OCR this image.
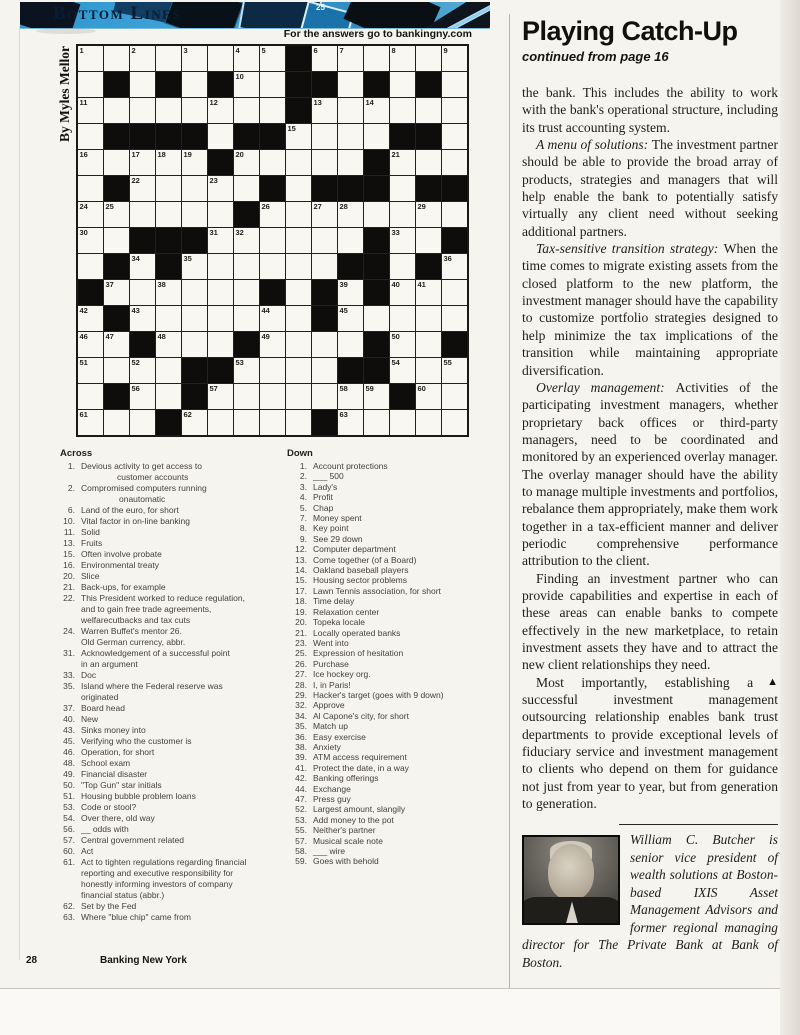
25
Bottom Lines
For the answers go to bankingny.com
By Myles Mellor 1	2	3	4	5	6	7	8	9
10
11	12	13	14
15
16	17 18 19	20	21
22	23
24 25	26	27 28	29
30	31 32	33
34	35	36
37	38	39	40 41
42	43	44	45
46 47	48	49	50
51	52	53	54	55
56	57	58 59	60
61	62	63
Across	Down
1. Devious activity to get access to
customer accounts
2. Compromised computers running
onautomatic
6. Land of the euro, for short
10. Vital factor in on-line banking
11. Solid
13. Fruits
15. Often involve probate
16. Environmental treaty
20. Slice
21. Back-ups, for example
22. This President worked to reduce regulation,
and to gain free trade agreements,
welfarecutbacks and tax cuts
24. Warren Buffet's mentor 26.
Old German currency, abbr.
31. Acknowledgement of a successful point
in an argument
33. Doc
35. Island where the Federal reserve was
originated
37. Board head
40. New
43. Sinks money into
45. Verifying who the customer is
46. Operation, for short
48. School exam
49. Financial disaster
50. "Top Gun" star initials
51. Housing bubble problem loans
53. Code or stool?
54. Over there, old way
56. __ odds with
57. Central government related
60. Act
61. Act to tighten regulations regarding financial
reporting and executive responsibility for
honestly informing investors of company
financial status (abbr.)
62. Set by the Fed
63. Where "blue chip" came from
1. Account protections
2. ___ 500
3. Lady's
4. Profit
5. Chap
7. Money spent
8. Key point
9. See 29 down
12. Computer department
13. Come together (of a Board)
14. Oakland baseball players
15. Housing sector problems
17. Lawn Tennis association, for short
18. Time delay
19. Relaxation center
20. Topeka locale
21. Locally operated banks
23. Went into
25. Expression of hesitation
26. Purchase
27. Ice hockey org.
28. I, in Paris!
29. Hacker's target (goes with 9 down)
32. Approve
34. Al Capone's city, for short
35. Match up
36. Easy exercise
38. Anxiety
39. ATM access requirement
41. Protect the date, in a way
42. Banking offerings
44. Exchange
47. Press guy
52. Largest amount, slangily
53. Add money to the pot
55. Neither's partner
57. Musical scale note
58. ___ wire
59. Goes with behold
Playing Catch-Up
continued from page 16

the bank. This includes the ability to work with the bank's operational structure, including its trust accounting system.

A menu of solutions: The investment partner should be able to provide the broad array of products, strategies and managers that will help enable the bank to potentially satisfy virtually any client need without seeking additional partners.

Tax-sensitive transition strategy: When the time comes to migrate existing assets from the closed platform to the new platform, the investment manager should have the capability to customize portfolio strategies designed to help minimize the tax implications of the transition while maintaining appropriate diversification.

Overlay management: Activities of the participating investment managers, whether proprietary back offices or third-party managers, need to be coordinated and monitored by an experienced overlay manager. The overlay manager should have the ability to manage multiple investments and portfolios, rebalance them appropriately, make them work together in a tax-efficient manner and deliver periodic comprehensive performance attribution to the client.

Finding an investment partner who can provide capabilities and expertise in each of these areas can enable banks to compete effectively in the new marketplace, to retain investment assets they have and to attract the new client relationships they need.

▲
Most importantly, establishing a successful investment management outsourcing relationship enables bank trust departments to provide exceptional levels of fiduciary service and investment management to clients who depend on them for guidance not just from year to year, but from generation to generation.

William C. Butcher is senior vice president of wealth solutions at Boston-based IXIS Asset Management Advisors and former regional managing director for The Private Bank at Bank of Boston.
28	Banking New York
